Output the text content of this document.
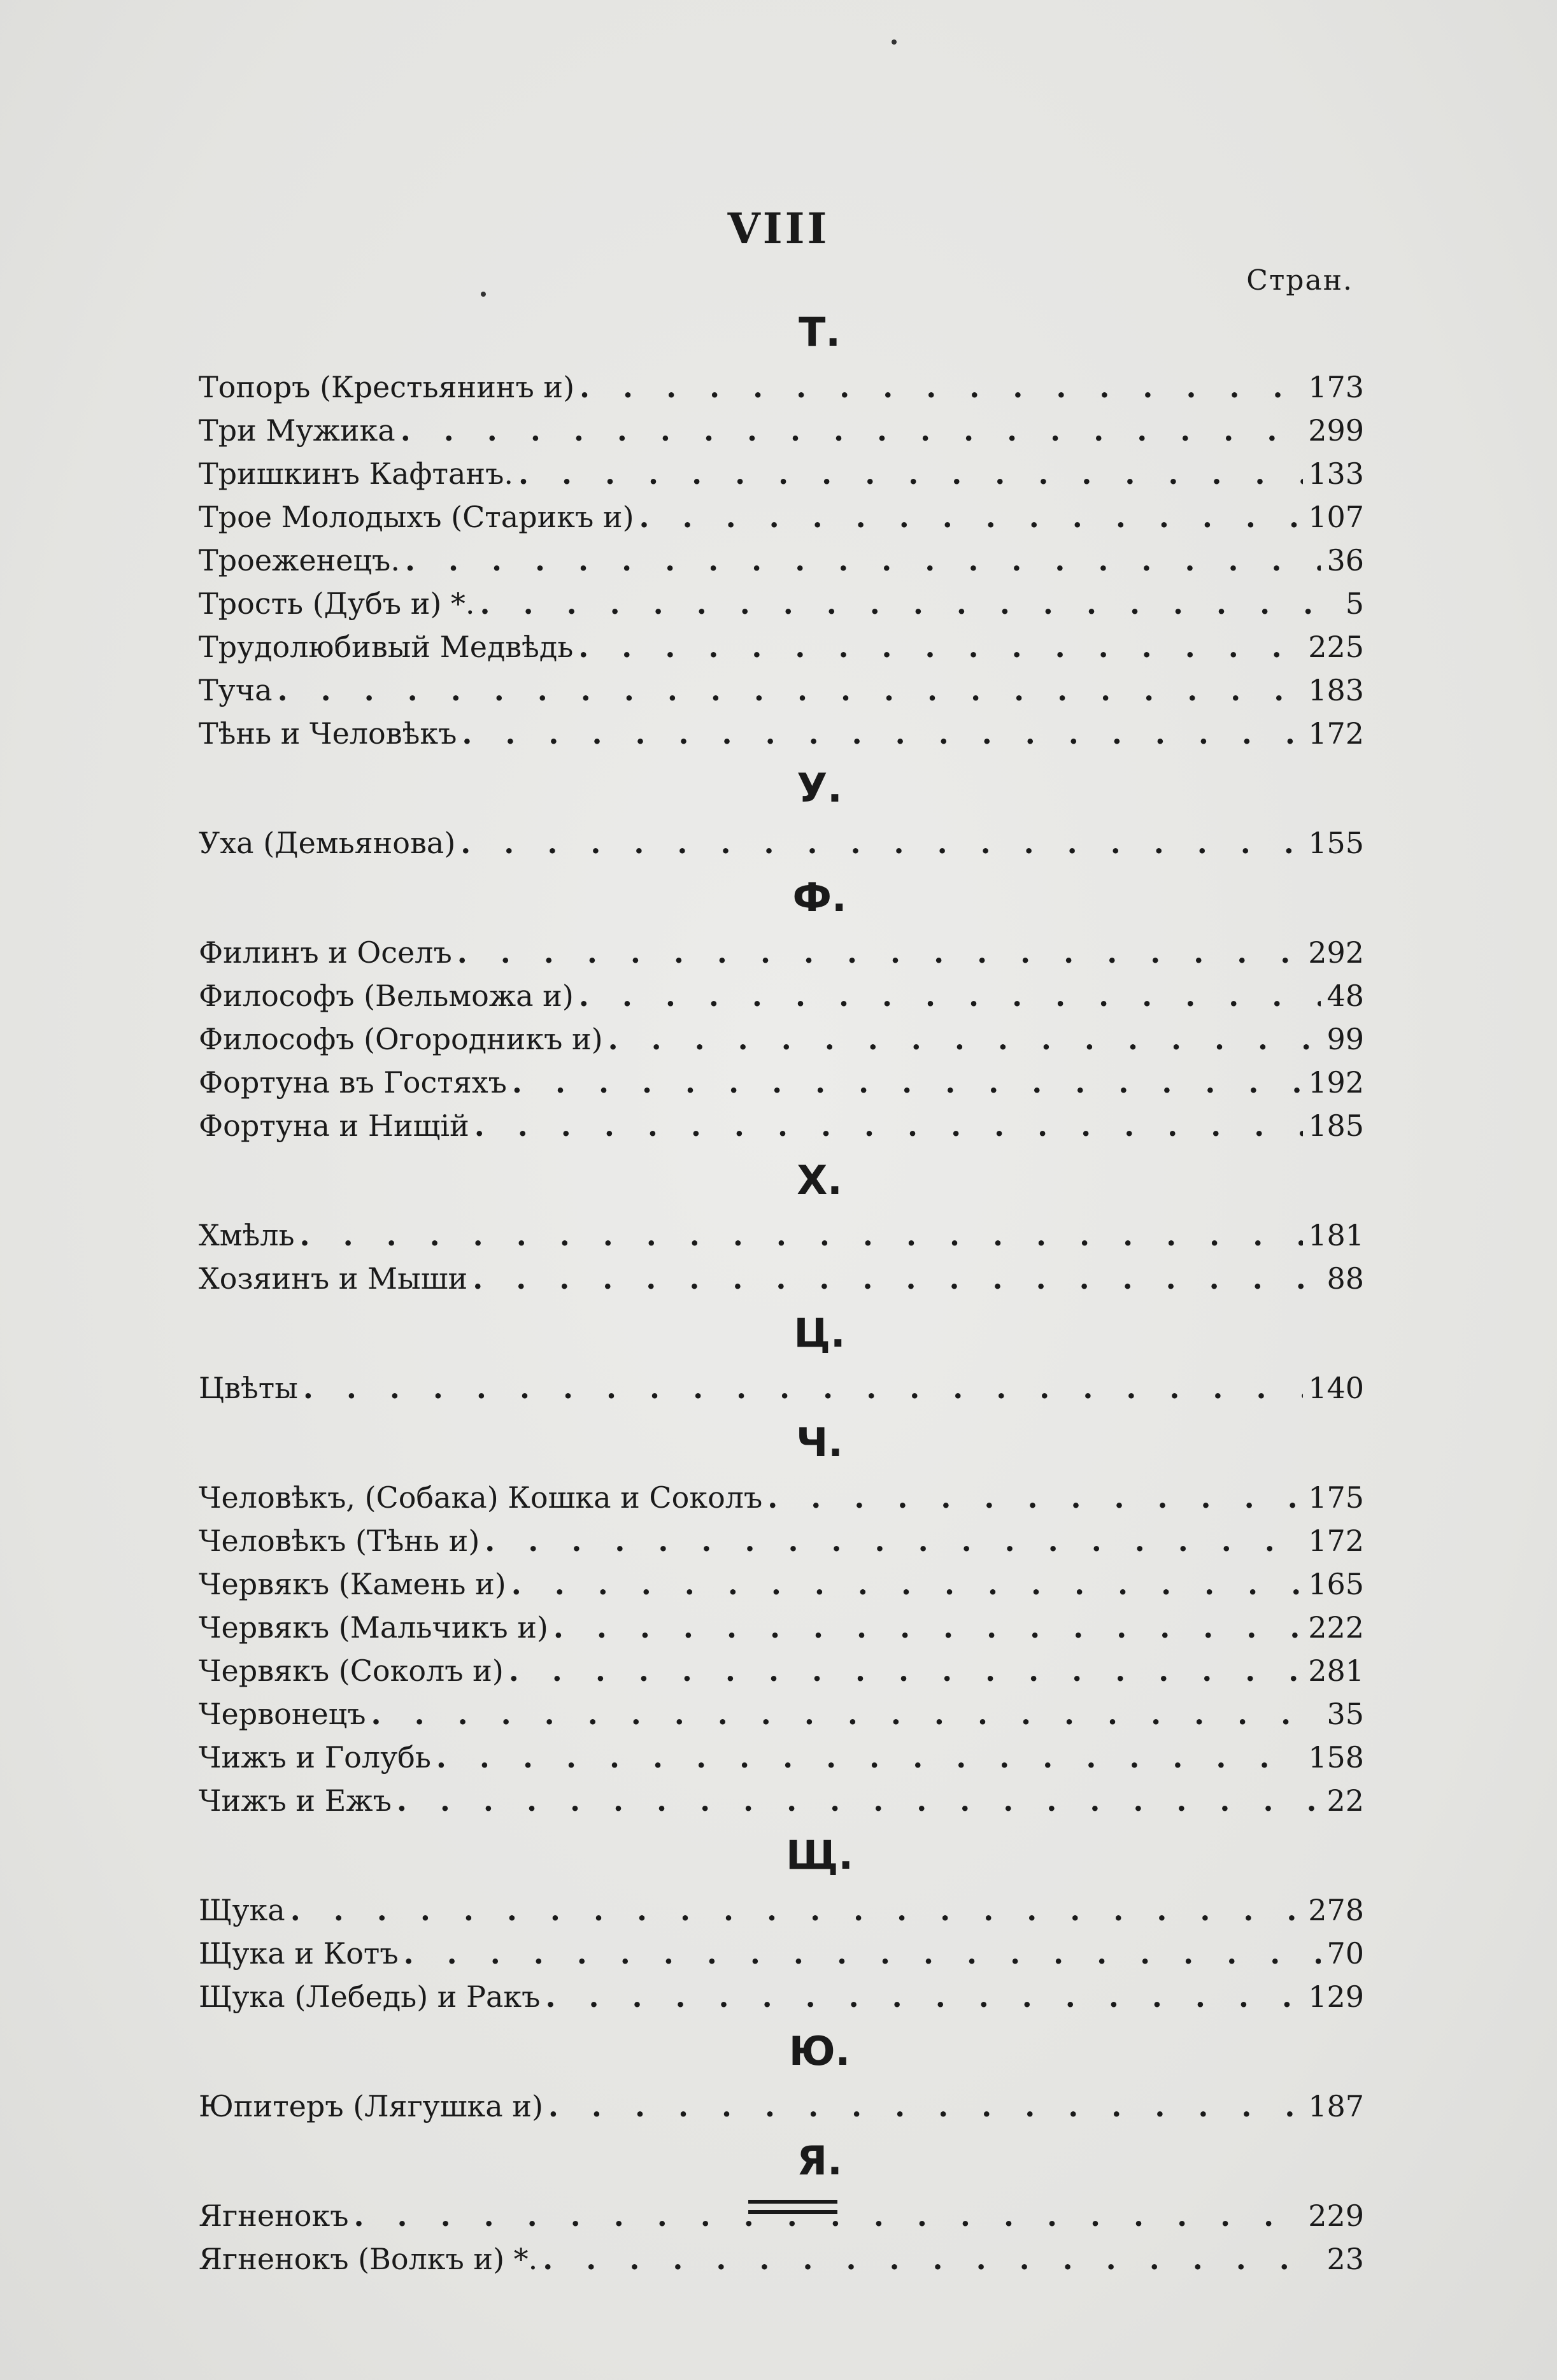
VIII
Стран.
Т.
Топоръ (Крестьянинъ и) . . .	173
Три Мужика . . .	299
Тришкинъ Кафтанъ. . . .	133
Трое Молодыхъ (Старикъ и) . . .	107
Троеженецъ. . . .	36
Трость (Дубъ и) *. . . .	5
Трудолюбивый Медвѣдь . . .	225
Туча . . .	183
Тѣнь и Человѣкъ . . .	172
У.
Уха (Демьянова) . . .	155
Ф.
Филинъ и Оселъ . . .	292
Философъ (Вельможа и) . . .	48
Философъ (Огородникъ и) . . .	99
Фортуна въ Гостяхъ . . .	192
Фортуна и Нищій . . .	185
Х.
Хмѣль . . .	181
Хозяинъ и Мыши . . .	88
Ц.
Цвѣты . . .	140
Ч.
Человѣкъ, (Собака) Кошка и Соколъ . . .	175
Человѣкъ (Тѣнь и) . . .	172
Червякъ (Камень и) . . .	165
Червякъ (Мальчикъ и) . . .	222
Червякъ (Соколъ и) . . .	281
Червонецъ . . .	35
Чижъ и Голубь . . .	158
Чижъ и Ежъ . . .	22
Щ.
Щука . . .	278
Щука и Котъ . . .	70
Щука (Лебедь) и Ракъ . . .	129
Ю.
Юпитеръ (Лягушка и) . . .	187
Я.
Ягненокъ . . .	229
Ягненокъ (Волкъ и) *. . . .	23
